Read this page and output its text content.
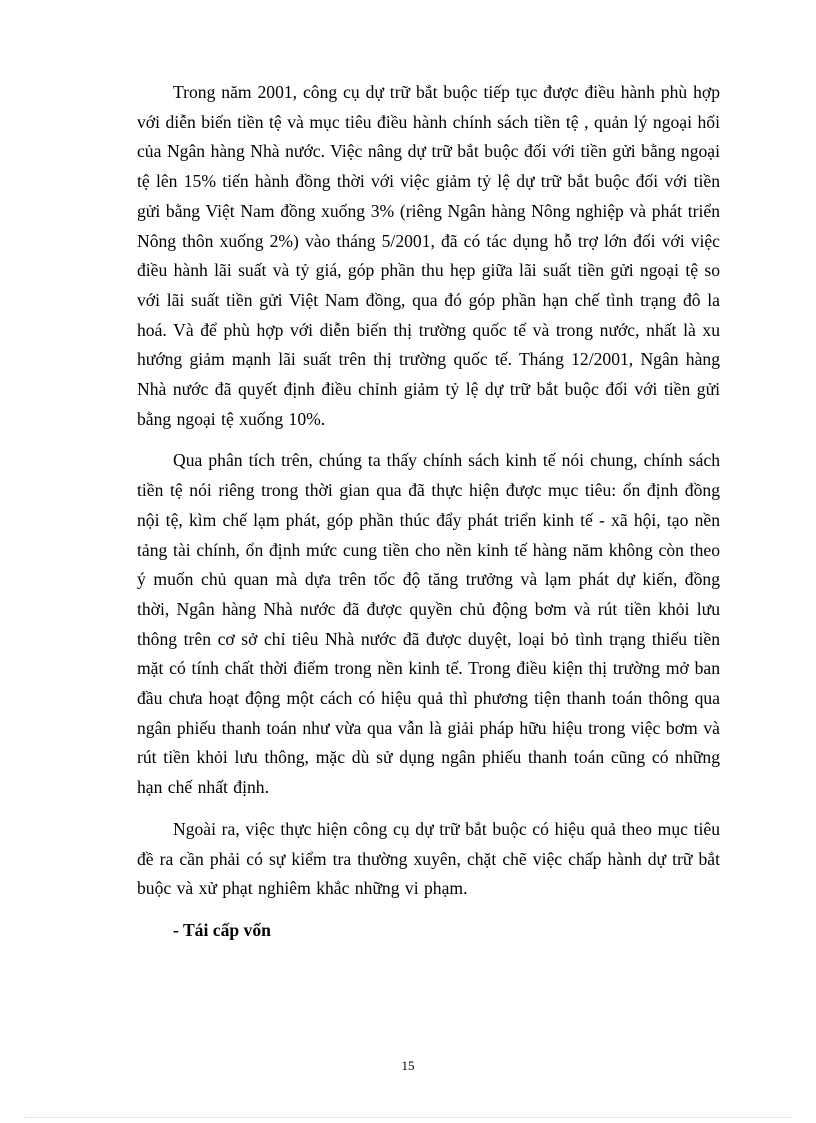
Trong năm 2001, công cụ dự trữ bắt buộc tiếp tục được điều hành phù hợp với diễn biến tiền tệ và mục tiêu điều hành chính sách tiền tệ , quản lý ngoại hối của Ngân hàng Nhà nước. Việc nâng dự trữ bắt buộc đối với tiền gửi bằng ngoại tệ lên 15% tiến hành đồng thời với việc giảm tỷ lệ dự trữ bắt buộc đối với tiền gửi bằng Việt Nam đồng xuống 3% (riêng Ngân hàng Nông nghiệp và phát triển Nông thôn xuống 2%) vào tháng 5/2001, đã có tác dụng hỗ trợ lớn đối với việc điều hành lãi suất và tỷ giá, góp phần thu hẹp giữa lãi suất tiền gửi ngoại tệ so với lãi suất tiền gửi Việt Nam đồng, qua đó góp phần hạn chế tình trạng đô la hoá. Và để phù hợp với diễn biến thị trường quốc tế và trong nước, nhất là xu hướng giảm mạnh lãi suất trên thị trường quốc tế. Tháng 12/2001, Ngân hàng Nhà nước đã quyết định điều chỉnh giảm tỷ lệ dự trữ bắt buộc đối với tiền gửi bằng ngoại tệ xuống 10%.

Qua phân tích trên, chúng ta thấy chính sách kinh tế nói chung, chính sách tiền tệ nói riêng trong thời gian qua đã thực hiện được mục tiêu: ổn định đồng nội tệ, kìm chế lạm phát, góp phần thúc đẩy phát triển kinh tế - xã hội, tạo nền tảng tài chính, ổn định mức cung tiền cho nền kinh tế hàng năm không còn theo ý muốn chủ quan mà dựa trên tốc độ tăng trưởng và lạm phát dự kiến, đồng thời, Ngân hàng Nhà nước đã được quyền chủ động bơm và rút tiền khỏi lưu thông trên cơ sở chỉ tiêu Nhà nước đã được duyệt, loại bỏ tình trạng thiếu tiền mặt có tính chất thời điểm trong nền kinh tế. Trong điều kiện thị trường mở ban đầu chưa hoạt động một cách có hiệu quả thì phương tiện thanh toán thông qua ngân phiếu thanh toán như vừa qua vẫn là giải pháp hữu hiệu trong việc bơm và rút tiền khỏi lưu thông, mặc dù sử dụng ngân phiếu thanh toán cũng có những hạn chế nhất định.

Ngoài ra, việc thực hiện công cụ dự trữ bắt buộc có hiệu quả theo mục tiêu đề ra cần phải có sự kiểm tra thường xuyên, chặt chẽ việc chấp hành dự trữ bắt buộc và xử phạt nghiêm khắc những vi phạm.

- Tái cấp vốn

15
